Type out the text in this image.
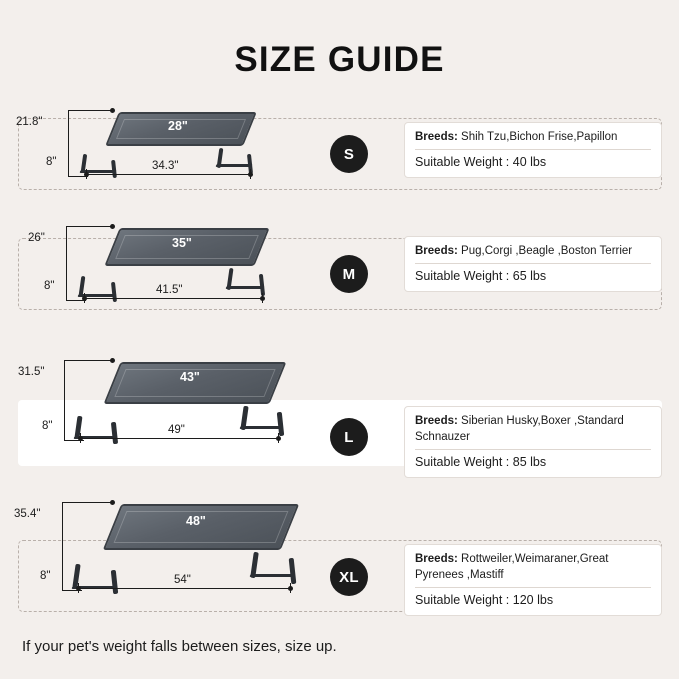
SIZE GUIDE
28"
34.3"
21.8"
8"	S
Breeds: Shih Tzu,Bichon Frise,Papillon
Suitable Weight : 40 lbs
35"
41.5"
26"
8"
M
Breeds: Pug,Corgi ,Beagle ,Boston Terrier
Suitable Weight : 65 lbs
43"
49"
31.5"
8"
L
Breeds: Siberian Husky,Boxer ,Standard Schnauzer
Suitable Weight : 85 lbs
48"
54"
35.4"
8"	XL
Breeds: Rottweiler,Weimaraner,Great Pyrenees ,Mastiff
Suitable Weight : 120 lbs
If your pet's weight falls between sizes, size up.
